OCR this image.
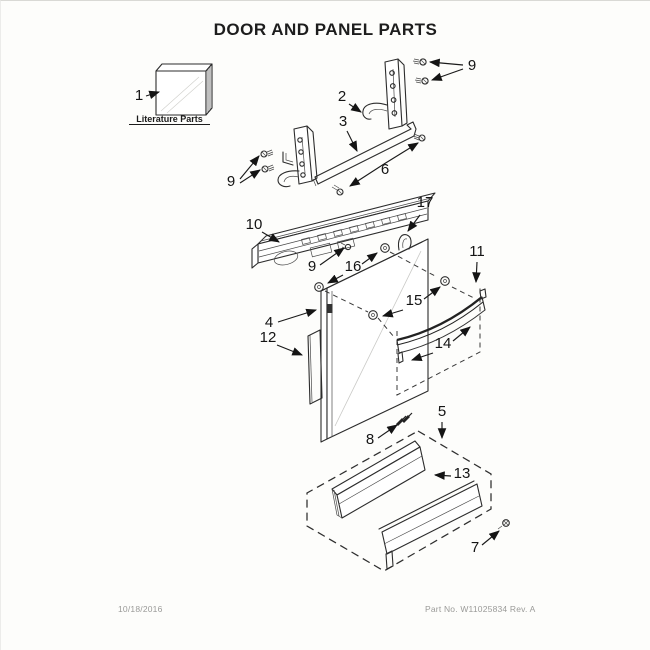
DOOR AND PANEL PARTS
Literature Parts
1	2
3
4
5
6
7
8
9
9
9
10
11
12
13
14
15
16
17
10/18/2016	Part No. W11025834 Rev. A
